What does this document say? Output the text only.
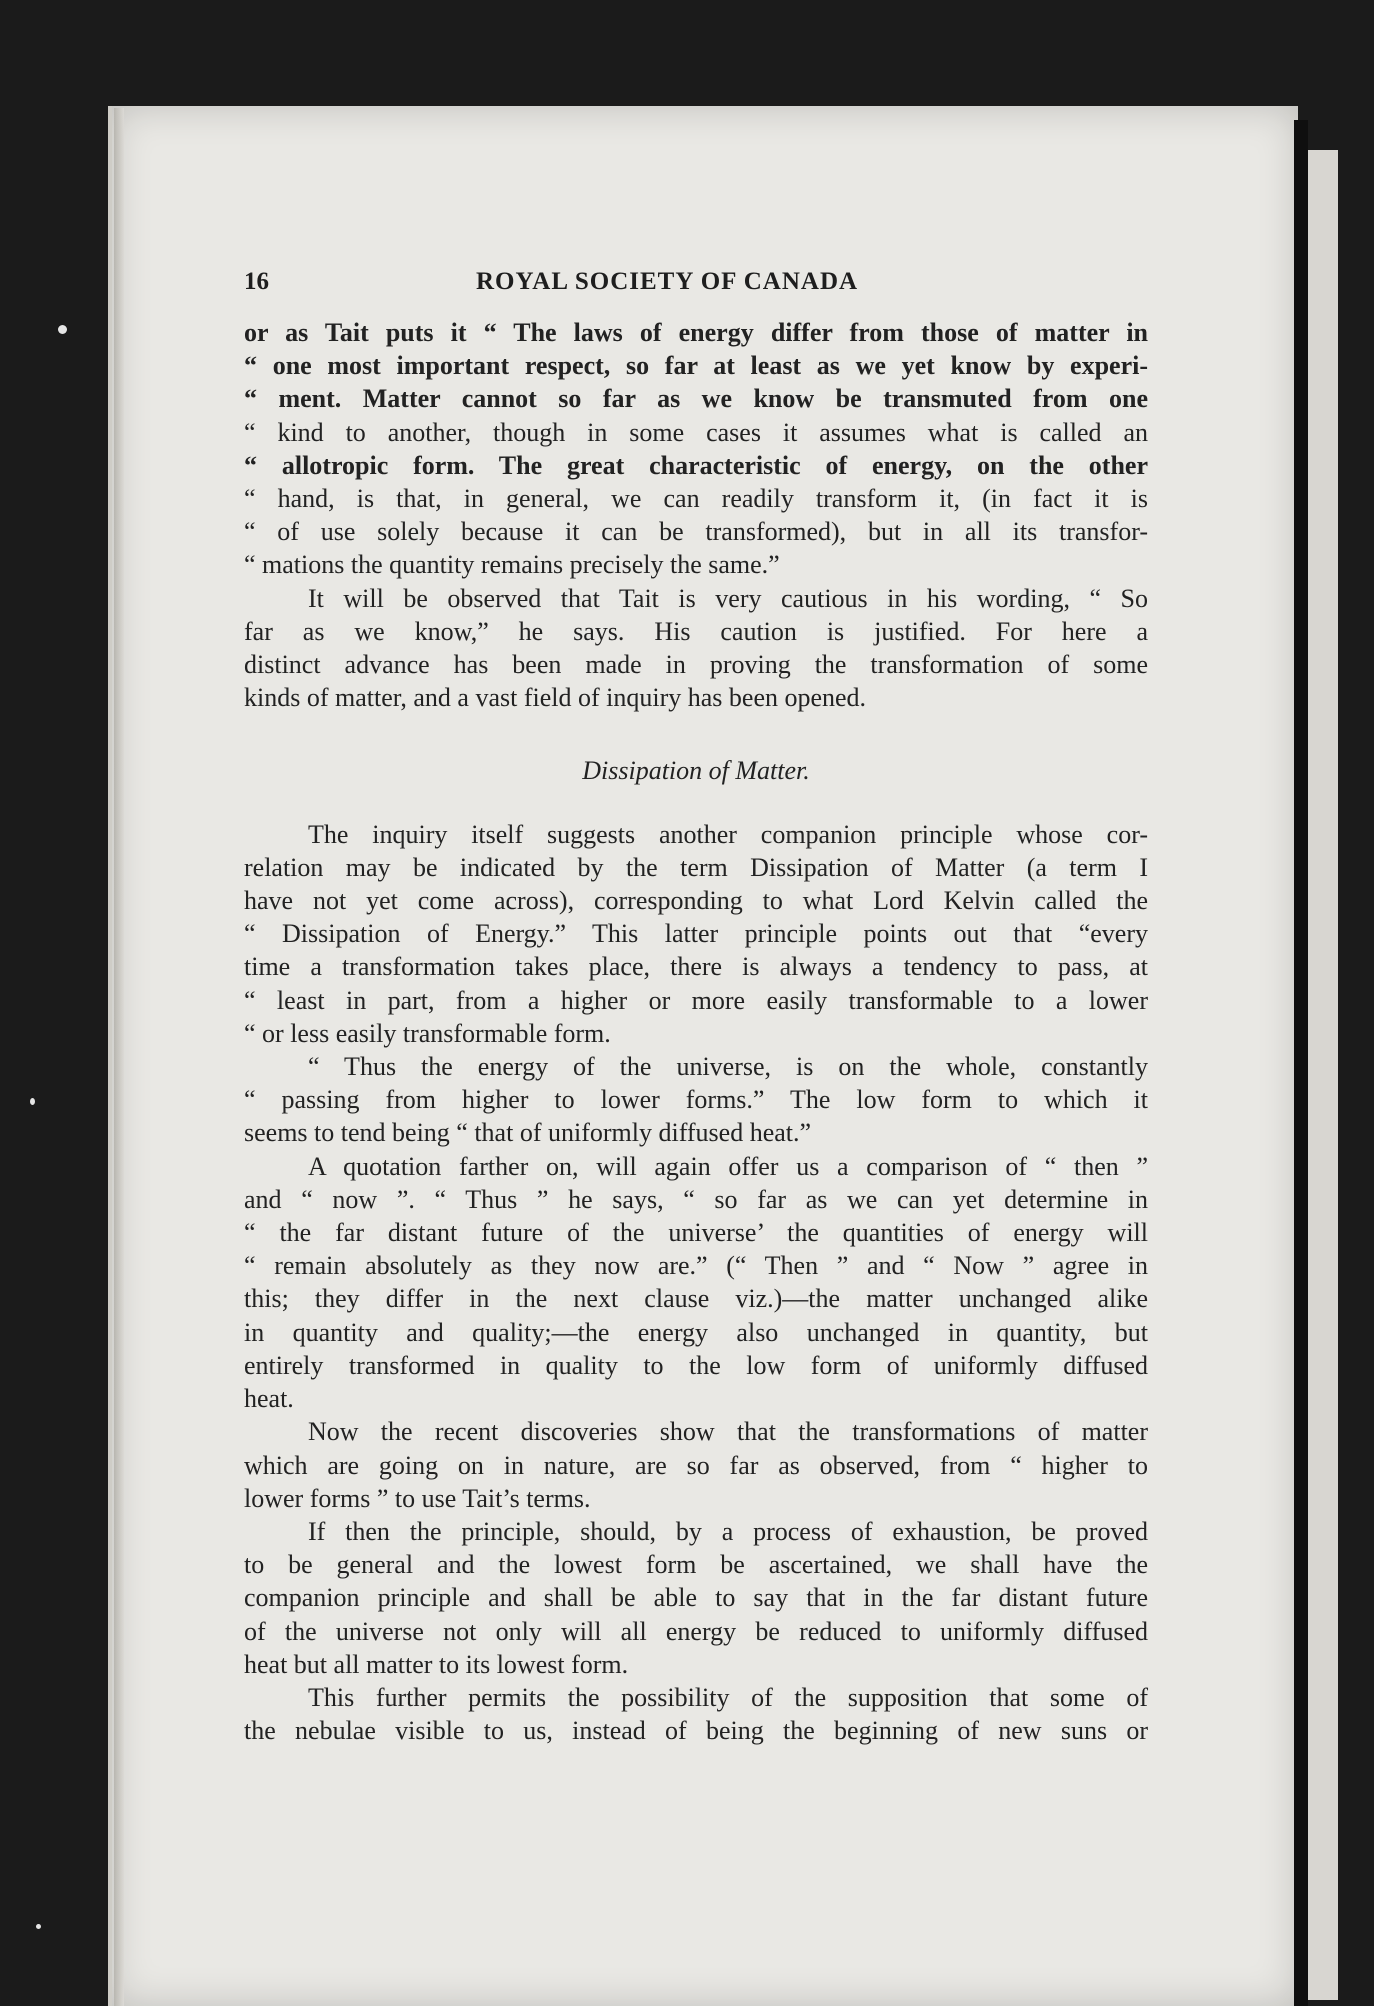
16	ROYAL SOCIETY OF CANADA

or as Tait puts it “ The laws of energy differ from those of matter in
“ one most important respect, so far at least as we yet know by experi-
“ ment. Matter cannot so far as we know be transmuted from one
“ kind to another, though in some cases it assumes what is called an
“ allotropic form. The great characteristic of energy, on the other
“ hand, is that, in general, we can readily transform it, (in fact it is
“ of use solely because it can be transformed), but in all its transfor-
“ mations the quantity remains precisely the same.”

It will be observed that Tait is very cautious in his wording, “ So
far as we know,” he says. His caution is justified. For here a
distinct advance has been made in proving the transformation of some
kinds of matter, and a vast field of inquiry has been opened.

Dissipation of Matter.

The inquiry itself suggests another companion principle whose cor-
relation may be indicated by the term Dissipation of Matter (a term I
have not yet come across), corresponding to what Lord Kelvin called the
“ Dissipation of Energy.” This latter principle points out that “every
time a transformation takes place, there is always a tendency to pass, at
“ least in part, from a higher or more easily transformable to a lower
“ or less easily transformable form.

“ Thus the energy of the universe, is on the whole, constantly
“ passing from higher to lower forms.” The low form to which it
seems to tend being “ that of uniformly diffused heat.”

A quotation farther on, will again offer us a comparison of “ then ”
and “ now ”. “ Thus ” he says, “ so far as we can yet determine in
“ the far distant future of the universe’ the quantities of energy will
“ remain absolutely as they now are.” (“ Then ” and “ Now ” agree in
this; they differ in the next clause viz.)—the matter unchanged alike
in quantity and quality;—the energy also unchanged in quantity, but
entirely transformed in quality to the low form of uniformly diffused
heat.

Now the recent discoveries show that the transformations of matter
which are going on in nature, are so far as observed, from “ higher to
lower forms ” to use Tait’s terms.

If then the principle, should, by a process of exhaustion, be proved
to be general and the lowest form be ascertained, we shall have the
companion principle and shall be able to say that in the far distant future
of the universe not only will all energy be reduced to uniformly diffused
heat but all matter to its lowest form.

This further permits the possibility of the supposition that some of
the nebulae visible to us, instead of being the beginning of new suns or
